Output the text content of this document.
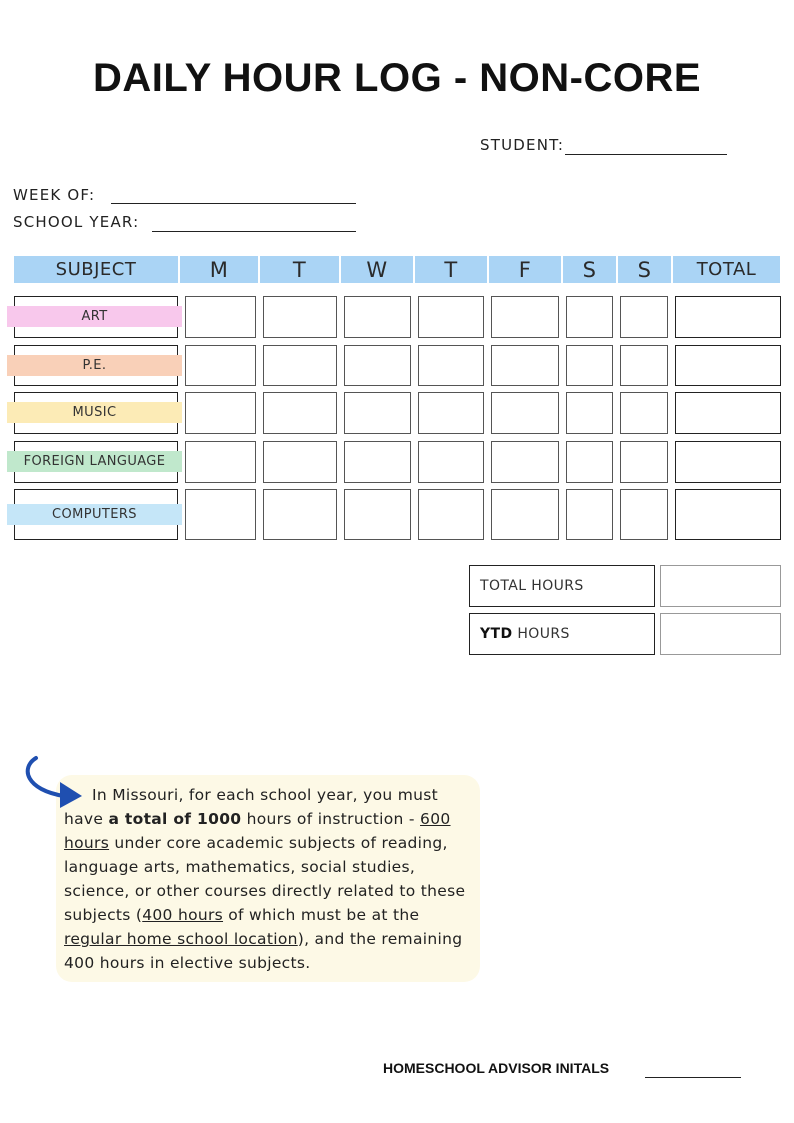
DAILY HOUR LOG - NON-CORE
STUDENT:
WEEK OF:
SCHOOL YEAR:
SUBJECT	M	T	W	T	F	S	S	TOTAL
ART
P.E.
MUSIC
FOREIGN LANGUAGE
COMPUTERS
TOTAL HOURS
YTD HOURS
In Missouri, for each school year, you must have a total of 1000 hours of instruction - 600 hours under core academic subjects of reading, language arts, mathematics, social studies, science, or other courses directly related to these subjects (400 hours of which must be at the regular home school location), and the remaining 400 hours in elective subjects.
HOMESCHOOL ADVISOR INITALS
